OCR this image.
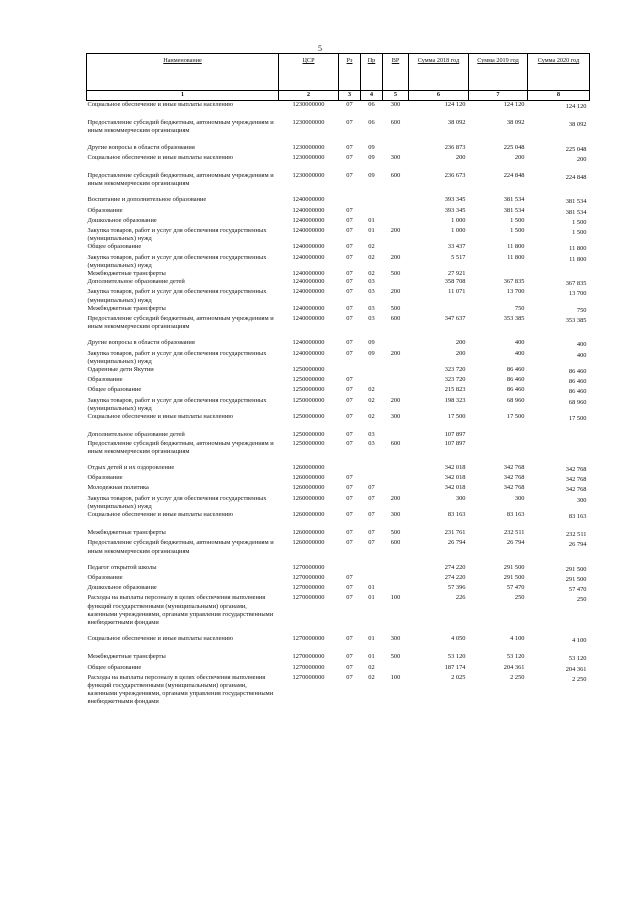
5
Наименование	ЦСР	Рз	Пр	ВР	Сумма 2018 год	Сумма 2019 год	Сумма 2020 год
1	2	3	4	5	6	7	8
Социальное обеспечение и иные выплаты населению	1230000000	07	06	300	124 120	124 120	124 120

Предоставление субсидий бюджетным, автономным учреждениям и иным некоммерческим организациям	1230000000	07	06	600	38 092	38 092	38 092

Другие вопросы в области образования	1230000000	07	09		236 873	225 048	225 048
Социальное обеспечение и иные выплаты населению	1230000000	07	09	300	200	200	200

Предоставление субсидий бюджетным, автономным учреждениям и иным некоммерческим организациям	1230000000	07	09	600	236 673	224 848	224 848

Воспитание и дополнительное образование	1240000000				393 345	381 534	381 534
Образование	1240000000	07			393 345	381 534	381 534
Дошкольное образование	1240000000	07	01		1 000	1 500	1 500
Закупка товаров, работ и услуг для обеспечения государственных (муниципальных) нужд	1240000000	07	01	200	1 000	1 500	1 500
Общее образование	1240000000	07	02		33 437	11 800	11 800
Закупка товаров, работ и услуг для обеспечения государственных (муниципальных) нужд	1240000000	07	02	200	5 517	11 800	11 800
Межбюджетные трансферты	1240000000	07	02	500	27 921		
Дополнительное образование детей	1240000000	07	03		358 708	367 835	367 835
Закупка товаров, работ и услуг для обеспечения государственных (муниципальных) нужд	1240000000	07	03	200	11 071	13 700	13 700
Межбюджетные трансферты	1240000000	07	03	500		750	750
Предоставление субсидий бюджетным, автономным учреждениям и иным некоммерческим организациям	1240000000	07	03	600	347 637	353 385	353 385

Другие вопросы в области образования	1240000000	07	09		200	400	400
Закупка товаров, работ и услуг для обеспечения государственных (муниципальных) нужд	1240000000	07	09	200	200	400	400
Одаренные дети Якутии	1250000000				323 720	86 460	86 460
Образование	1250000000	07			323 720	86 460	86 460
Общее образование	1250000000	07	02		215 823	86 460	86 460
Закупка товаров, работ и услуг для обеспечения государственных (муниципальных) нужд	1250000000	07	02	200	198 323	68 960	68 960
Социальное обеспечение и иные выплаты населению	1250000000	07	02	300	17 500	17 500	17 500

Дополнительное образование детей	1250000000	07	03		107 897		
Предоставление субсидий бюджетным, автономным учреждениям и иным некоммерческим организациям	1250000000	07	03	600	107 897		

Отдых детей и их оздоровление	1260000000				342 018	342 768	342 768
Образование	1260000000	07			342 018	342 768	342 768
Молодежная политика	1260000000	07	07		342 018	342 768	342 768
Закупка товаров, работ и услуг для обеспечения государственных (муниципальных) нужд	1260000000	07	07	200	300	300	300
Социальное обеспечение и иные выплаты населению	1260000000	07	07	300	83 163	83 163	83 163

Межбюджетные трансферты	1260000000	07	07	500	231 761	232 511	232 511
Предоставление субсидий бюджетным, автономным учреждениям и иным некоммерческим организациям	1260000000	07	07	600	26 794	26 794	26 794

Педагог открытой школы	1270000000				274 220	291 500	291 500
Образование	1270000000	07			274 220	291 500	291 500
Дошкольное образование	1270000000	07	01		57 396	57 470	57 470
Расходы на выплаты персоналу в целях обеспечения выполнения функций государственными (муниципальными) органами, казенными учреждениями, органами управления государственными внебюджетными фондами	1270000000	07	01	100	226	250	250

Социальное обеспечение и иные выплаты населению	1270000000	07	01	300	4 050	4 100	4 100

Межбюджетные трансферты	1270000000	07	01	500	53 120	53 120	53 120
Общее образование	1270000000	07	02		187 174	204 361	204 361
Расходы на выплаты персоналу в целях обеспечения выполнения функций государственными (муниципальными) органами, казенными учреждениями, органами управления государственными внебюджетными фондами	1270000000	07	02	100	2 025	2 250	2 250
